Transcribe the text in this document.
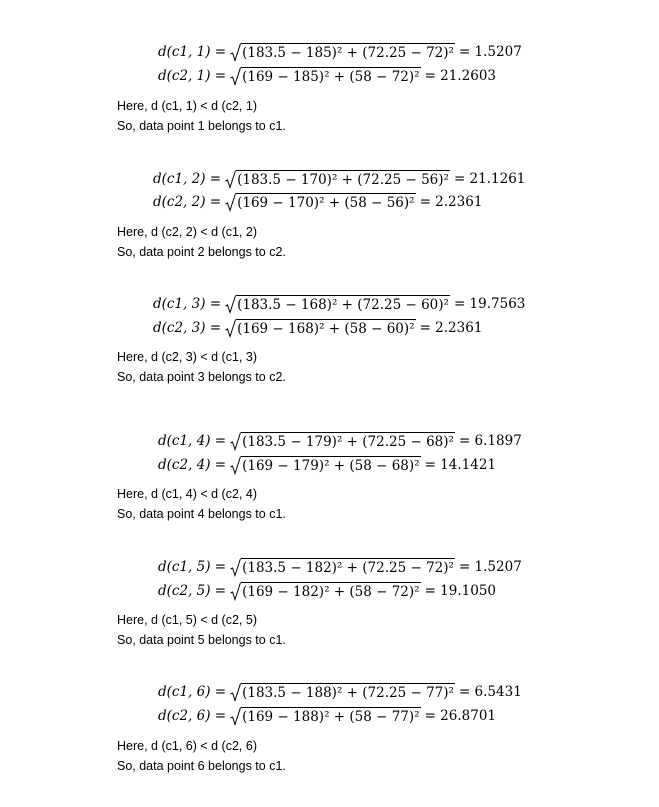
d(c1, 1) = (183.5 − 185)² + (72.25 − 72)² = 1.5207
d(c2, 1) = (169 − 185)² + (58 − 72)² = 21.2603
Here, d (c1, 1) < d (c2, 1)
So, data point 1 belongs to c1.
d(c1, 2) = (183.5 − 170)² + (72.25 − 56)² = 21.1261
d(c2, 2) = (169 − 170)² + (58 − 56)² = 2.2361
Here, d (c2, 2) < d (c1, 2)
So, data point 2 belongs to c2.
d(c1, 3) = (183.5 − 168)² + (72.25 − 60)² = 19.7563
d(c2, 3) = (169 − 168)² + (58 − 60)² = 2.2361
Here, d (c2, 3) < d (c1, 3)
So, data point 3 belongs to c2.
d(c1, 4) = (183.5 − 179)² + (72.25 − 68)² = 6.1897
d(c2, 4) = (169 − 179)² + (58 − 68)² = 14.1421
Here, d (c1, 4) < d (c2, 4)
So, data point 4 belongs to c1.
d(c1, 5) = (183.5 − 182)² + (72.25 − 72)² = 1.5207
d(c2, 5) = (169 − 182)² + (58 − 72)² = 19.1050
Here, d (c1, 5) < d (c2, 5)
So, data point 5 belongs to c1.
d(c1, 6) = (183.5 − 188)² + (72.25 − 77)² = 6.5431
d(c2, 6) = (169 − 188)² + (58 − 77)² = 26.8701
Here, d (c1, 6) < d (c2, 6)
So, data point 6 belongs to c1.
